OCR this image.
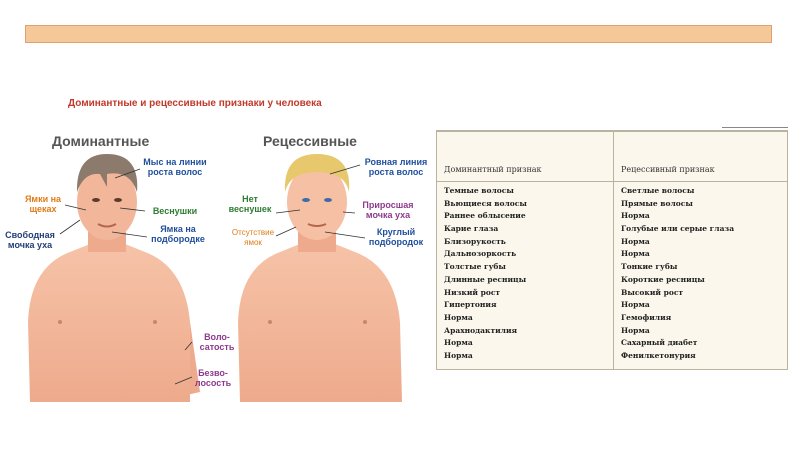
Доминантные и рецессивные признаки у человека
Доминантные	Рецессивные
Мыс на линии роста волос
Ямки на щеках	Веснушки
Свободная мочка уха
Ямка на подбородке
Ровная линия роста волос
Нет веснушек	Приросшая мочка уха
Отсутствие ямок
Круглый подбородок
Воло-сатость
Безво-лосость
Доминантный признак	Рецессивный признак
Темные волосы	Светлые волосы
Вьющиеся волосы	Прямые волосы
Раннее облысение	Норма
Карие глаза	Голубые или серые глаза
Близорукость	Норма
Дальнозоркость	Норма
Толстые губы	Тонкие губы
Длинные ресницы	Короткие ресницы
Низкий рост	Высокий рост
Гипертония	Норма
Норма	Гемофилия
Арахнодактилия	Норма
Норма	Сахарный диабет
Норма	Фенилкетонурия
